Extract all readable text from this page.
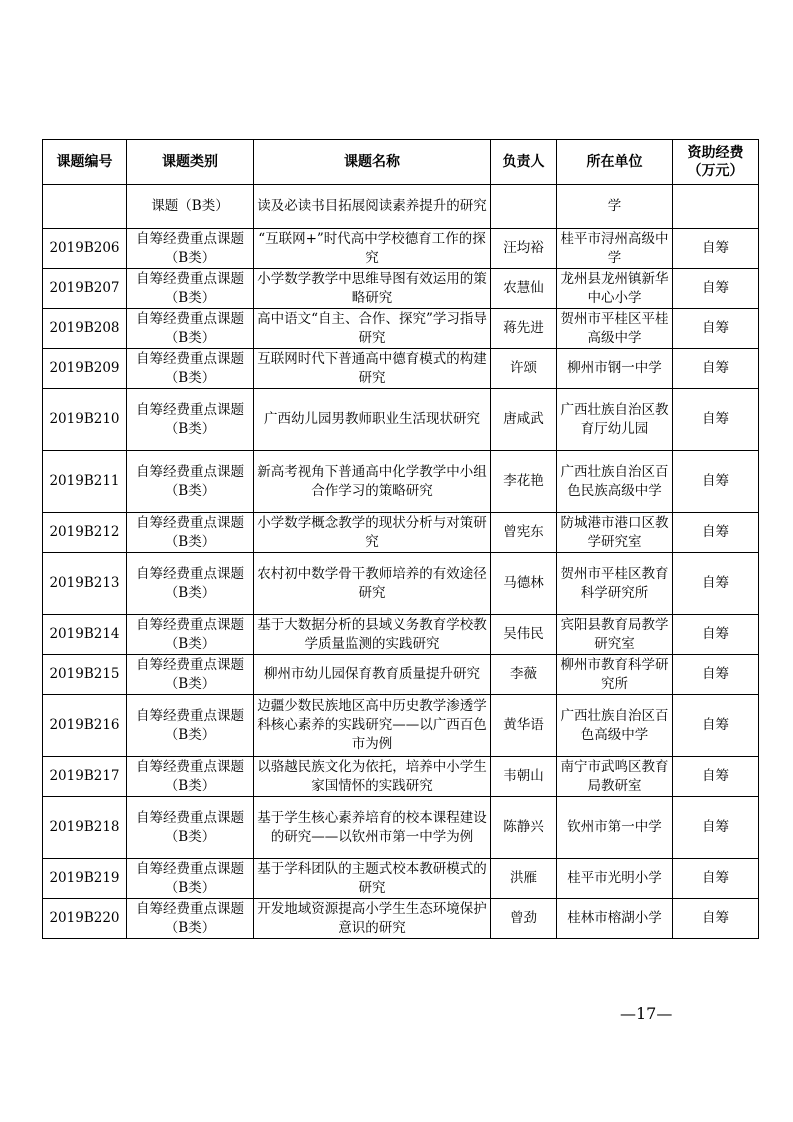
课题编号	课题类别	课题名称	负责人	所在单位	资助经费（万元）
	课题（B类）	读及必读书目拓展阅读素养提升的研究		学	
2019B206	自筹经费重点课题（B类）	“互联网+”时代高中学校德育工作的探究	汪均裕	桂平市浔州高级中学	自筹
2019B207	自筹经费重点课题（B类）	小学数学教学中思维导图有效运用的策略研究	农慧仙	龙州县龙州镇新华中心小学	自筹
2019B208	自筹经费重点课题（B类）	高中语文“自主、合作、探究”学习指导研究	蒋先进	贺州市平桂区平桂高级中学	自筹
2019B209	自筹经费重点课题（B类）	互联网时代下普通高中德育模式的构建研究	许颂	柳州市钢一中学	自筹
2019B210	自筹经费重点课题（B类）	广西幼儿园男教师职业生活现状研究	唐咸武	广西壮族自治区教育厅幼儿园	自筹
2019B211	自筹经费重点课题（B类）	新高考视角下普通高中化学教学中小组合作学习的策略研究	李花艳	广西壮族自治区百色民族高级中学	自筹
2019B212	自筹经费重点课题（B类）	小学数学概念教学的现状分析与对策研究	曾宪东	防城港市港口区教学研究室	自筹
2019B213	自筹经费重点课题（B类）	农村初中数学骨干教师培养的有效途径研究	马德林	贺州市平桂区教育科学研究所	自筹
2019B214	自筹经费重点课题（B类）	基于大数据分析的县域义务教育学校教学质量监测的实践研究	吴伟民	宾阳县教育局教学研究室	自筹
2019B215	自筹经费重点课题（B类）	柳州市幼儿园保育教育质量提升研究	李薇	柳州市教育科学研究所	自筹
2019B216	自筹经费重点课题（B类）	边疆少数民族地区高中历史教学渗透学科核心素养的实践研究——以广西百色市为例	黄华语	广西壮族自治区百色高级中学	自筹
2019B217	自筹经费重点课题（B类）	以骆越民族文化为依托，培养中小学生家国情怀的实践研究	韦朝山	南宁市武鸣区教育局教研室	自筹
2019B218	自筹经费重点课题（B类）	基于学生核心素养培育的校本课程建设的研究——以钦州市第一中学为例	陈静兴	钦州市第一中学	自筹
2019B219	自筹经费重点课题（B类）	基于学科团队的主题式校本教研模式的研究	洪雁	桂平市光明小学	自筹
2019B220	自筹经费重点课题（B类）	开发地域资源提高小学生生态环境保护意识的研究	曾劲	桂林市榕湖小学	自筹
—17—
